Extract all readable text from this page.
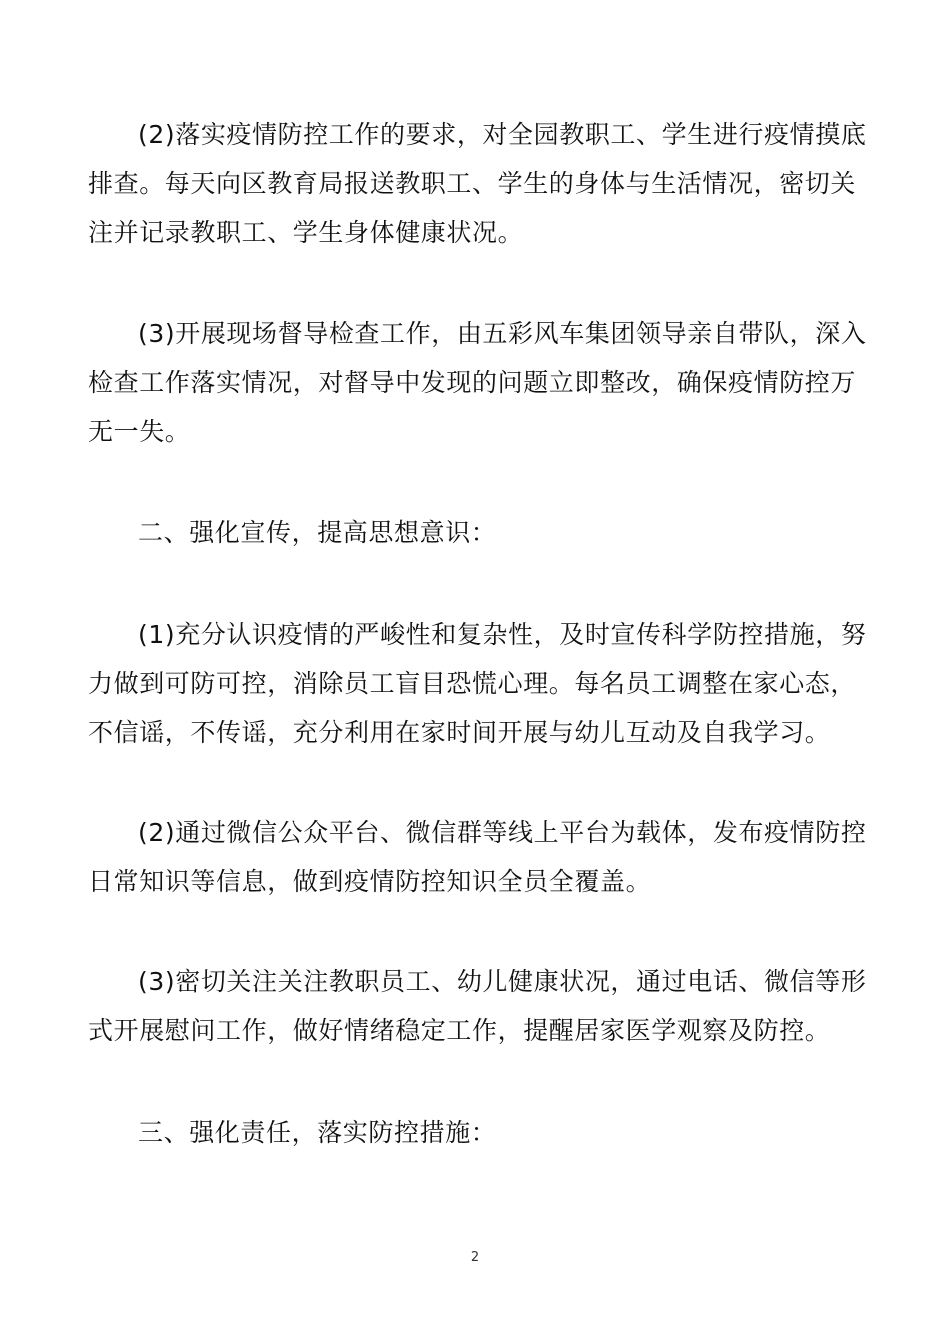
(2)落实疫情防控工作的要求，对全园教职工、学生进行疫情摸底
排查。每天向区教育局报送教职工、学生的身体与生活情况，密切关
注并记录教职工、学生身体健康状况。

(3)开展现场督导检查工作，由五彩风车集团领导亲自带队，深入
检查工作落实情况，对督导中发现的问题立即整改，确保疫情防控万
无一失。

二、强化宣传，提高思想意识：

(1)充分认识疫情的严峻性和复杂性，及时宣传科学防控措施，努
力做到可防可控，消除员工盲目恐慌心理。每名员工调整在家心态，
不信谣，不传谣，充分利用在家时间开展与幼儿互动及自我学习。

(2)通过微信公众平台、微信群等线上平台为载体，发布疫情防控
日常知识等信息，做到疫情防控知识全员全覆盖。

(3)密切关注关注教职员工、幼儿健康状况，通过电话、微信等形
式开展慰问工作，做好情绪稳定工作，提醒居家医学观察及防控。

三、强化责任，落实防控措施：

2
